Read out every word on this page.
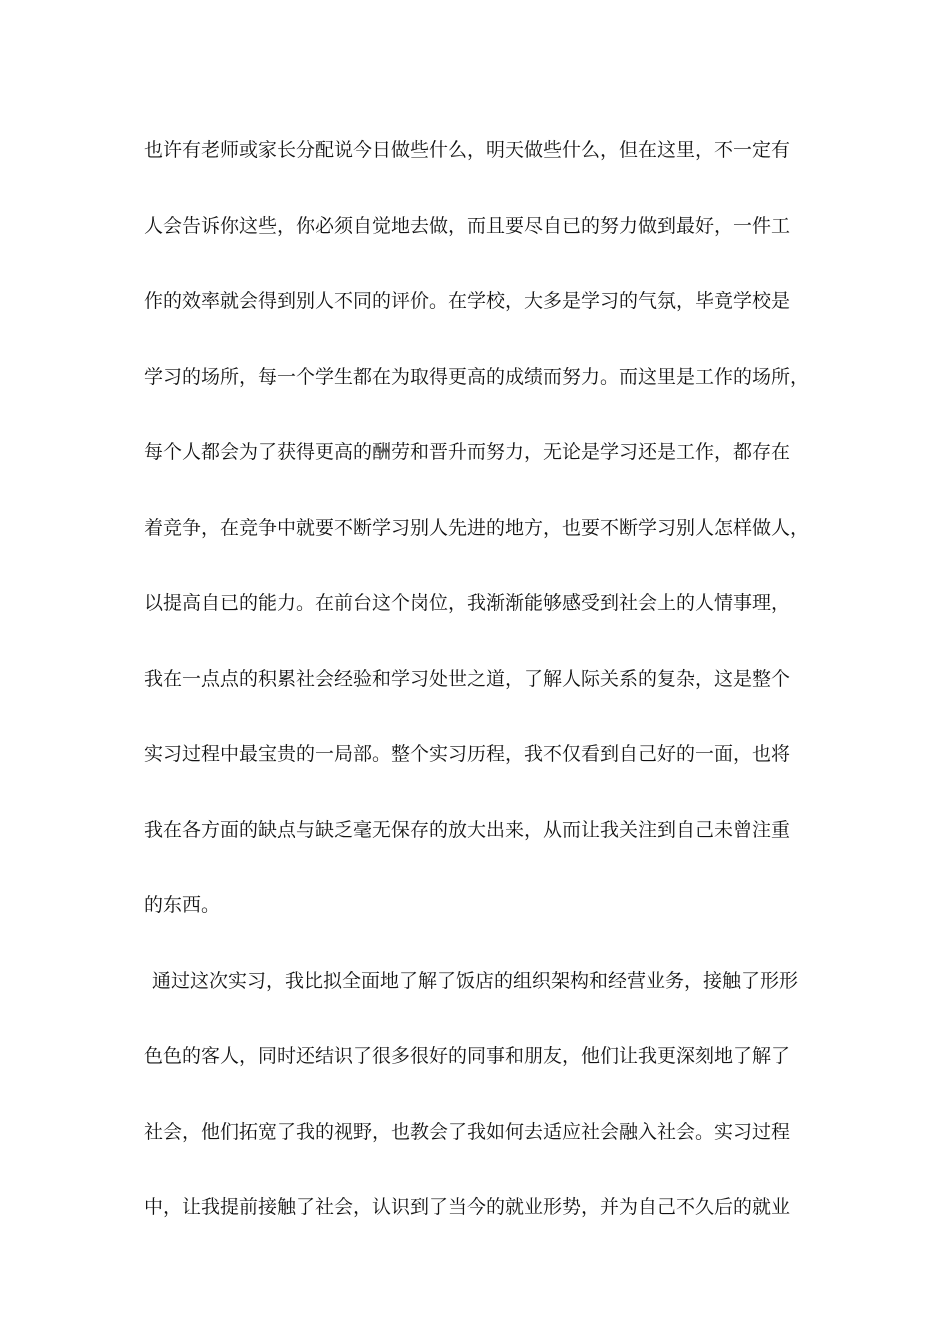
也许有老师或家长分配说今日做些什么，明天做些什么，但在这里，不一定有
人会告诉你这些，你必须自觉地去做，而且要尽自已的努力做到最好，一件工
作的效率就会得到别人不同的评价。在学校，大多是学习的气氛，毕竟学校是
学习的场所，每一个学生都在为取得更高的成绩而努力。而这里是工作的场所，
每个人都会为了获得更高的酬劳和晋升而努力，无论是学习还是工作，都存在
着竞争，在竞争中就要不断学习别人先进的地方，也要不断学习别人怎样做人，
以提高自已的能力。在前台这个岗位，我渐渐能够感受到社会上的人情事理，
我在一点点的积累社会经验和学习处世之道，了解人际关系的复杂，这是整个
实习过程中最宝贵的一局部。整个实习历程，我不仅看到自己好的一面，也将
我在各方面的缺点与缺乏毫无保存的放大出来，从而让我关注到自己未曾注重
的东西。
通过这次实习，我比拟全面地了解了饭店的组织架构和经营业务，接触了形形
色色的客人，同时还结识了很多很好的同事和朋友，他们让我更深刻地了解了
社会，他们拓宽了我的视野，也教会了我如何去适应社会融入社会。实习过程
中，让我提前接触了社会，认识到了当今的就业形势，并为自己不久后的就业
